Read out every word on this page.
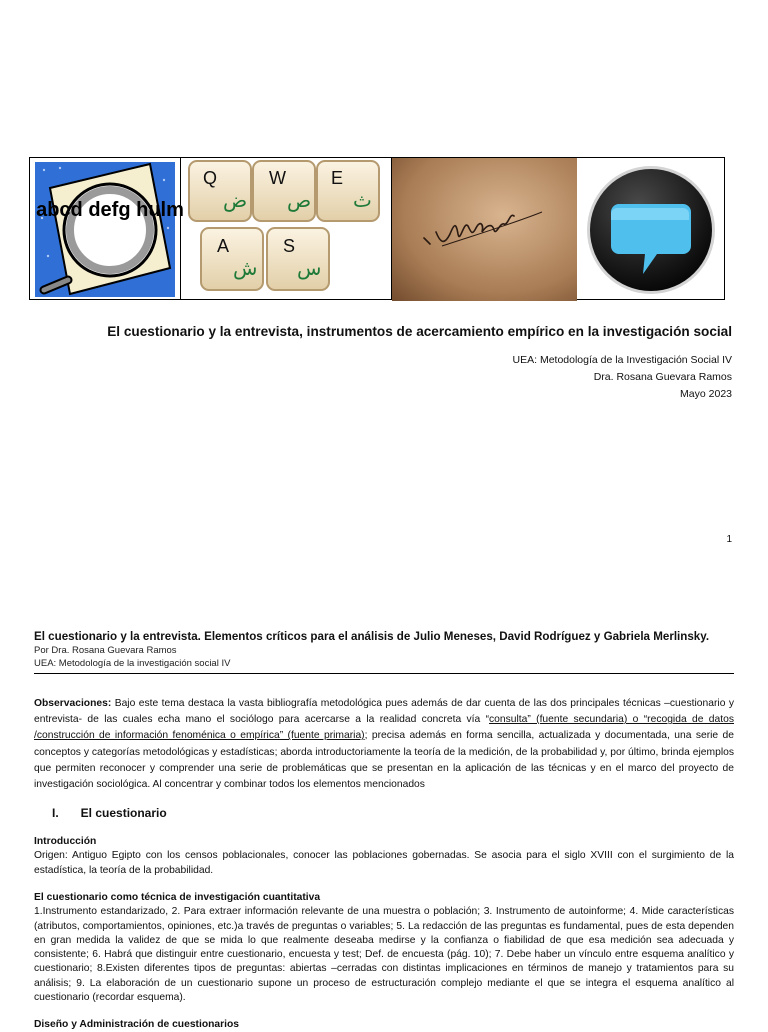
abcd defg hulm
Q
ض
W
ص
E
ث
A
ش
S
س
El cuestionario y la entrevista, instrumentos de acercamiento empírico en la investigación social
UEA: Metodología de la Investigación Social IV
Dra. Rosana Guevara Ramos
Mayo 2023
1
El cuestionario y la entrevista. Elementos críticos para el análisis de Julio Meneses, David Rodríguez y Gabriela Merlinsky.
Por Dra. Rosana Guevara Ramos
UEA: Metodología de la investigación social IV
Observaciones: Bajo este tema destaca la vasta bibliografía metodológica pues además de dar cuenta de las dos principales técnicas –cuestionario y entrevista- de las cuales echa mano el sociólogo para acercarse a la realidad concreta vía “consulta” (fuente secundaria) o “recogida de datos /construcción de información fenoménica o empírica” (fuente primaria); precisa además en forma sencilla, actualizada y documentada, una serie de conceptos y categorías metodológicas y estadísticas; aborda introductoriamente la teoría de la medición, de la probabilidad y, por último, brinda ejemplos que permiten reconocer y comprender una serie de problemáticas que se presentan en la aplicación de las técnicas y en el marco del proyecto de investigación sociológica. Al concentrar y combinar todos los elementos mencionados
I. El cuestionario
Introducción
Origen: Antiguo Egipto con los censos poblacionales, conocer las poblaciones gobernadas. Se asocia para el siglo XVIII con el surgimiento de la estadística, la teoría de la probabilidad.
El cuestionario como técnica de investigación cuantitativa
1.Instrumento estandarizado, 2. Para extraer información relevante de una muestra o población; 3. Instrumento de autoinforme; 4. Mide características (atributos, comportamientos, opiniones, etc.)a través de preguntas o variables; 5. La redacción de las preguntas es fundamental, pues de esta dependen en gran medida la validez de que se mida lo que realmente deseaba medirse y la confianza o fiabilidad de que esa medición sea adecuada y consistente; 6. Habrá que distinguir entre cuestionario, encuesta y test; Def. de encuesta (pág. 10); 7. Debe haber un vínculo entre esquema analítico y cuestionario; 8.Existen diferentes tipos de preguntas: abiertas –cerradas con distintas implicaciones en términos de manejo y tratamientos para su análisis; 9. La elaboración de un cuestionario supone un proceso de estructuración complejo mediante el que se integra el esquema analítico al cuestionario (recordar esquema).
Diseño y Administración de cuestionarios
